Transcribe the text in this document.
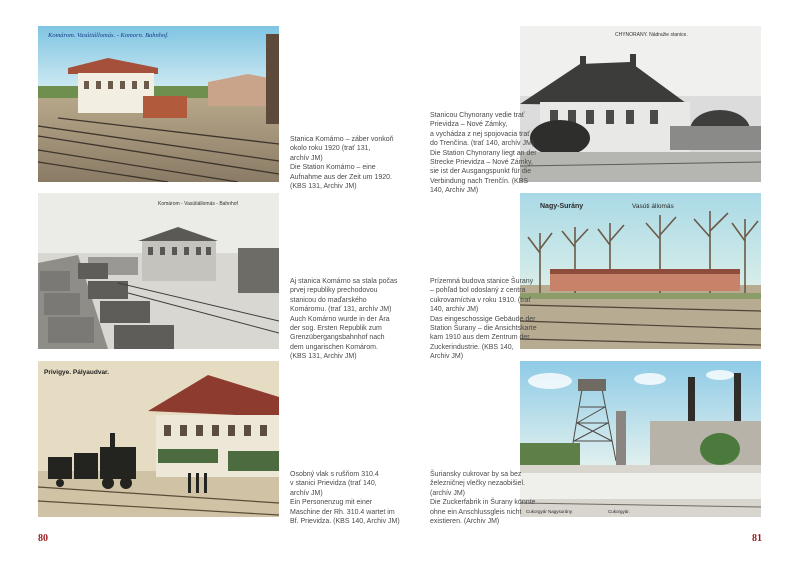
Komárom. Vasútiállomás. - Komorn. Bahnhof.
Stanica Komárno – záber vonkoň
okolo roku 1920 (trať 131,
archív JM)
Die Station Komárno – eine
Aufnahme aus der Zeit um 1920.
(KBS 131, Archiv JM)
Komárom - Vasútiállomás - Bahnhof
Aj stanica Komárno sa stala počas
prvej republiky prechodovou
stanicou do maďarského
Komáromu. (trať 131, archív JM)
Auch Komárno wurde in der Ära
der sog. Ersten Republik zum
Grenzübergangsbahnhof nach
dem ungarischen Komárom.
(KBS 131, Archiv JM)
Privigye. Pályaudvar.
Osobný vlak s rušňom 310.4
v stanici Prievidza (trať 140,
archív JM)
Ein Personenzug mit einer
Maschine der Rh. 310.4 wartet im
Bf. Prievidza. (KBS 140, Archiv JM)
80
CHYNORANY. Nádražie stanice.
Stanicou Chynorany vedie trať
Prievidza – Nové Zámky,
a vychádza z nej spojovacia trať
do Trenčína. (trať 140, archív JM)
Die Station Chynorany liegt an der
Strecke Prievidza – Nové Zámky,
sie ist der Ausgangspunkt für die
Verbindung nach Trenčín. (KBS
140, Archiv JM)
Nagy-Surány	Vasúti állomás
Prízemná budova stanice Šurany
– pohľad bol odoslaný z centra
cukrovarníctva v roku 1910. (trať
140, archív JM)
Das eingeschossige Gebäude der
Station Šurany – die Ansichtskarte
kam 1910 aus dem Zentrum der
Zuckerindustrie. (KBS 140,
Archiv JM)
Cukorgyár Nagysurány.	Cukorgyár.
Šuriansky cukrovar by sa bez
železničnej vlečky nezaobišiel.
(archív JM)
Die Zuckerfabrik in Šurany könnte
ohne ein Anschlussgleis nicht
existieren. (Archiv JM)
81
